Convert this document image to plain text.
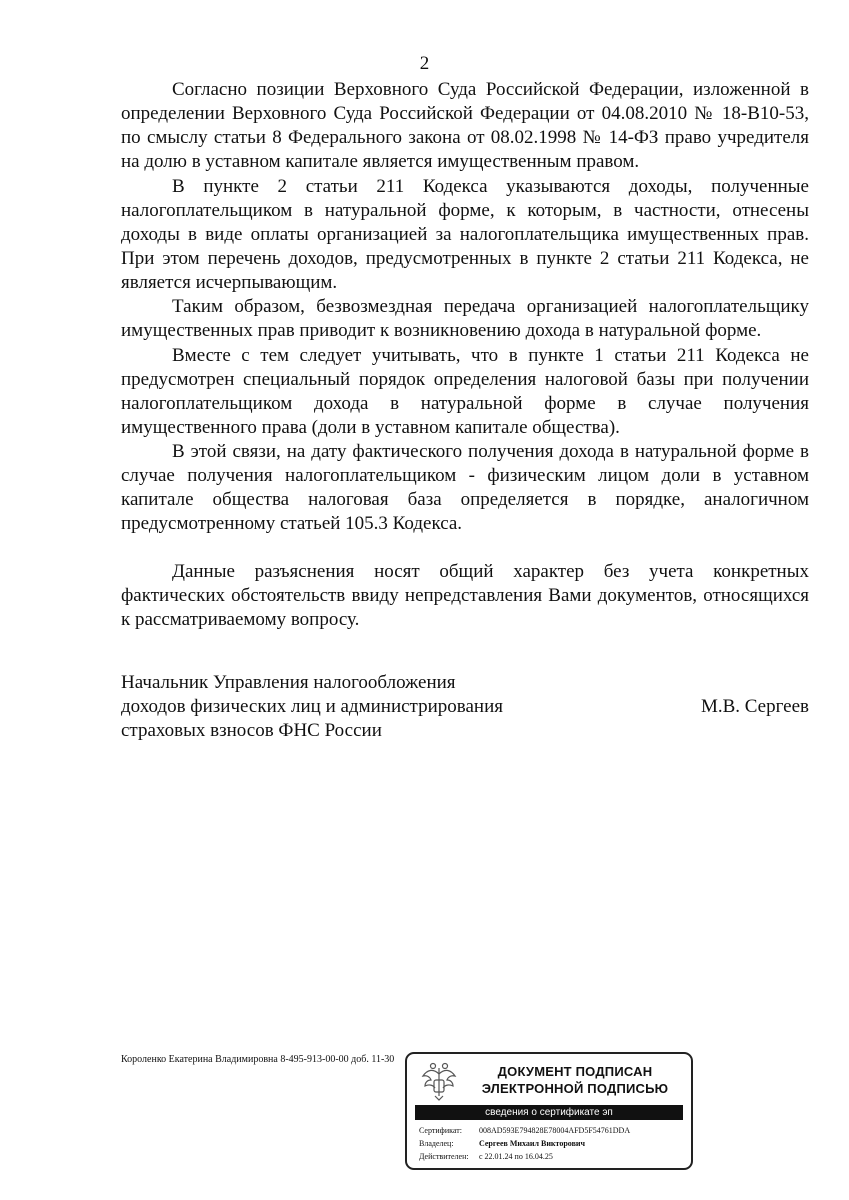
2

Согласно позиции Верховного Суда Российской Федерации, изложенной в определении Верховного Суда Российской Федерации от 04.08.2010 № 18-В10-53, по смыслу статьи 8 Федерального закона от 08.02.1998 № 14-ФЗ право учредителя на долю в уставном капитале является имущественным правом.

В пункте 2 статьи 211 Кодекса указываются доходы, полученные налогоплательщиком в натуральной форме, к которым, в частности, отнесены доходы в виде оплаты организацией за налогоплательщика имущественных прав. При этом перечень доходов, предусмотренных в пункте 2 статьи 211 Кодекса, не является исчерпывающим.

Таким образом, безвозмездная передача организацией налогоплательщику имущественных прав приводит к возникновению дохода в натуральной форме.

Вместе с тем следует учитывать, что в пункте 1 статьи 211 Кодекса не предусмотрен специальный порядок определения налоговой базы при получении налогоплательщиком дохода в натуральной форме в случае получения имущественного права (доли в уставном капитале общества).

В этой связи, на дату фактического получения дохода в натуральной форме в случае получения налогоплательщиком - физическим лицом доли в уставном капитале общества налоговая база определяется в порядке, аналогичном предусмотренному статьей 105.3 Кодекса.

Данные разъяснения носят общий характер без учета конкретных фактических обстоятельств ввиду непредставления Вами документов, относящихся к рассматриваемому вопросу.

Начальник Управления налогообложения
доходов физических лиц и администрирования
страховых взносов ФНС России
М.В. Сергеев
Короленко Екатерина Владимировна 8-495-913-00-00 доб. 11-30
ДОКУМЕНТ ПОДПИСАН
ЭЛЕКТРОННОЙ ПОДПИСЬЮ
сведения о сертификате эп
Сертификат:	008AD593E794828E78004AFD5F54761DDA
Владелец:	Сергеев Михаил Викторович
Действителен:	с 22.01.24 по 16.04.25
